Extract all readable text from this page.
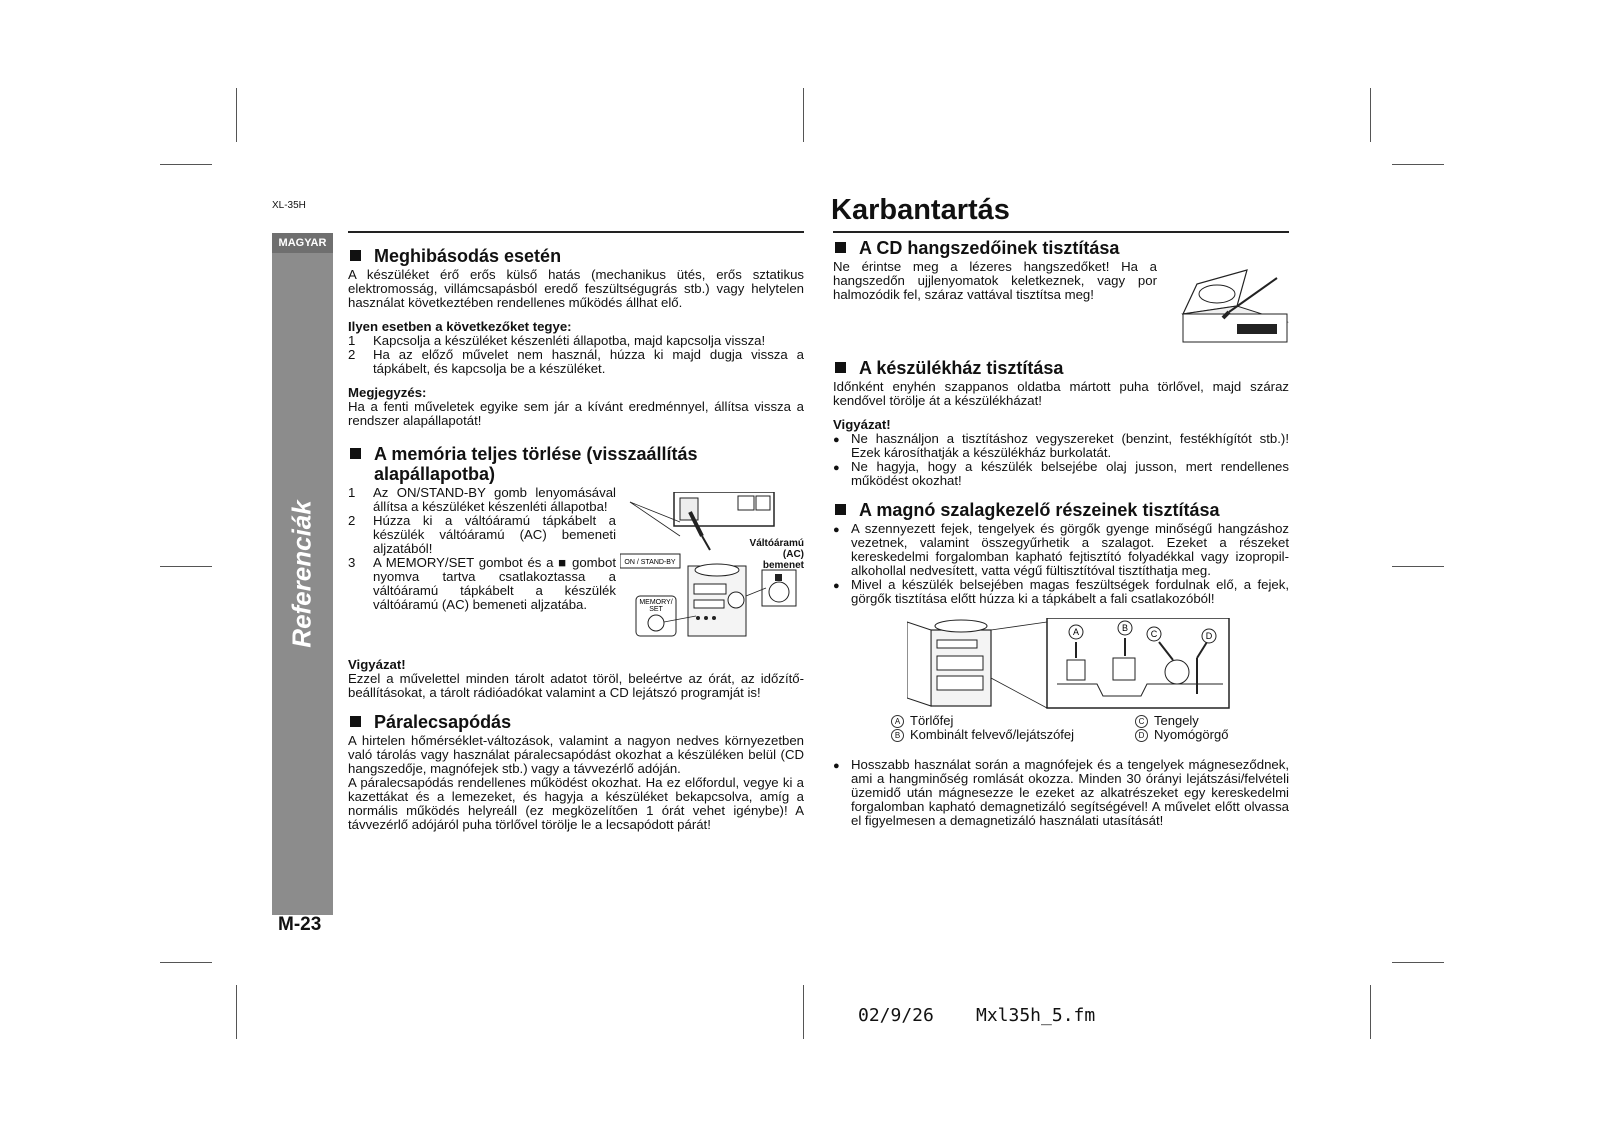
XL-35H
MAGYAR
Referenciák
M-23
Karbantartás
Meghibásodás esetén

A készüléket érő erős külső hatás (mechanikus ütés, erős sztatikus elektromosság, villámcsapásból eredő feszültségugrás stb.) vagy helytelen használat következtében rendellenes működés állhat elő.

Ilyen esetben a következőket tegye:
1	Kapcsolja a készüléket készenléti állapotba, majd kapcsolja vissza!
2	Ha az előző művelet nem használ, húzza ki majd dugja vissza a tápkábelt, és kapcsolja be a készüléket.
Megjegyzés:

Ha a fenti műveletek egyike sem jár a kívánt eredménnyel, állítsa vissza a rendszer alapállapotát!

A memória teljes törlése (visszaállítás alapállapotba)
1	Az ON/STAND-BY gomb lenyomásával állítsa a készüléket készenléti állapotba!
2	Húzza ki a váltóáramú tápkábelt a készülék váltóáramú (AC) bemeneti aljzatából!
3	A MEMORY/SET gombot és a ■ gombot nyomva tartva csatlakoztassa a váltóáramú tápkábelt a készülék váltóáramú (AC) bemeneti aljzatába.
ON / STAND-BY
MEMORY/
SET
Váltóáramú
(AC) bemenet
Vigyázat!

Ezzel a művelettel minden tárolt adatot töröl, beleértve az órát, az időzítő-beállításokat, a tárolt rádióadókat valamint a CD lejátszó programját is!

Páralecsapódás

A hirtelen hőmérséklet-változások, valamint a nagyon nedves környezetben való tárolás vagy használat páralecsapódást okozhat a készüléken belül (CD hangszedője, magnófejek stb.) vagy a távvezérlő adóján.

A páralecsapódás rendellenes működést okozhat. Ha ez előfordul, vegye ki a kazettákat és a lemezeket, és hagyja a készüléket bekapcsolva, amíg a normális működés helyreáll (ez megközelítően 1 órát vehet igénybe)! A távvezérlő adójáról puha törlővel törölje le a lecsapódott párát!

A CD hangszedőinek tisztítása

Ne érintse meg a lézeres hangszedőket! Ha a hangszedőn ujjlenyomatok keletkeznek, vagy por halmozódik fel, száraz vattával tisztítsa meg!

A készülékház tisztítása

Időnként enyhén szappanos oldatba mártott puha törlővel, majd száraz kendővel törölje át a készülékházat!

Vigyázat!
●
Ne használjon a tisztításhoz vegyszereket (benzint, festékhígítót stb.)! Ezek károsíthatják a készülékház burkolatát.
●
Ne hagyja, hogy a készülék belsejébe olaj jusson, mert rendellenes működést okozhat!
A magnó szalagkezelő részeinek tisztítása
●
A szennyezett fejek, tengelyek és görgők gyenge minőségű hangzáshoz vezetnek, valamint összegyűrhetik a szalagot. Ezeket a részeket kereskedelmi forgalomban kapható fejtisztító folyadékkal vagy izopropil-alkohollal nedvesített, vatta végű fültisztítóval tisztíthatja meg.
●
Mivel a készülék belsejében magas feszültségek fordulnak elő, a fejek, görgők tisztítása előtt húzza ki a tápkábelt a fali csatlakozóból!
A	B
C	D
A Törlőfej	C Tengely
B Kombinált felvevő/lejátszófej	D Nyomógörgő
●
Hosszabb használat során a magnófejek és a tengelyek mágneseződnek, ami a hangminőség romlását okozza. Minden 30 órányi lejátszási/felvételi üzemidő után mágnesezze le ezeket az alkatrészeket egy kereskedelmi forgalomban kapható demagnetizáló segítségével! A művelet előtt olvassa el figyelmesen a demagnetizáló használati utasítását!
02/9/26 Mxl35h_5.fm
